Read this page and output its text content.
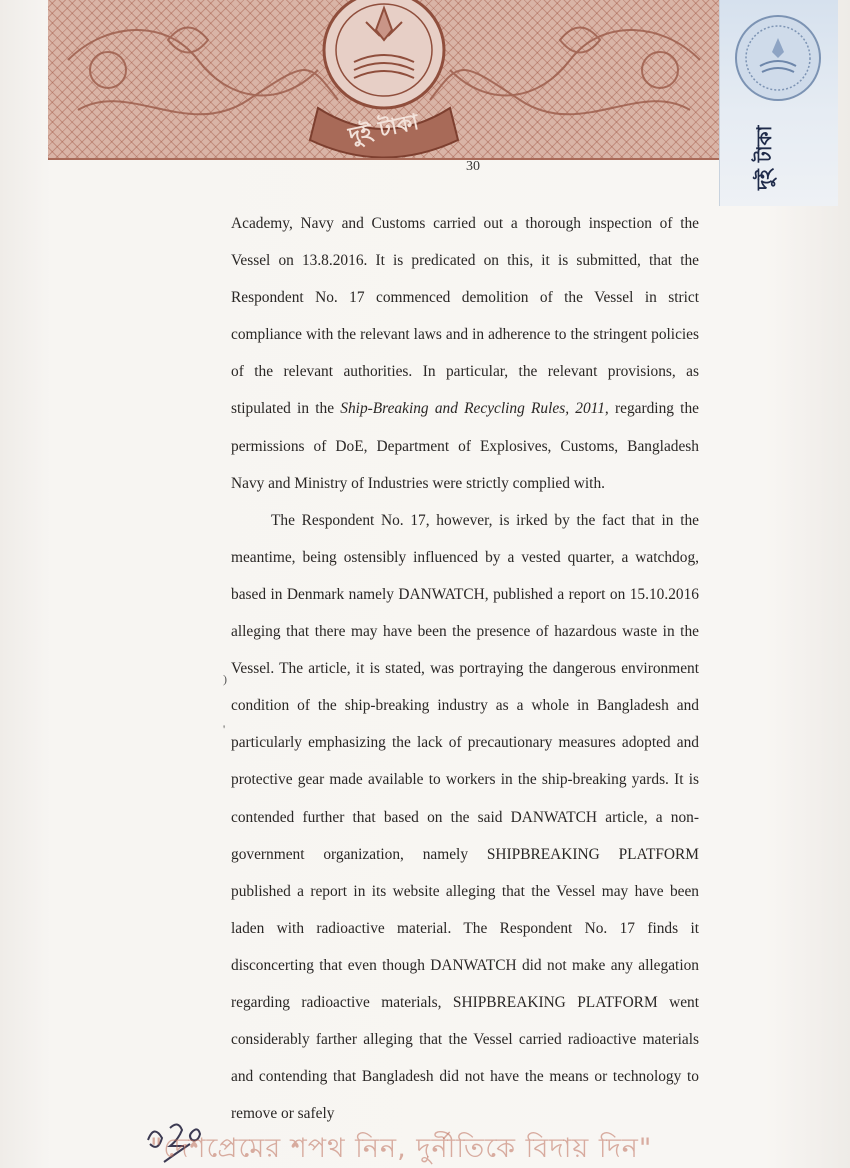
দুই টাকা	দুই টাকা
30

Academy, Navy and Customs carried out a thorough inspection of the Vessel on 13.8.2016. It is predicated on this, it is submitted, that the Respondent No. 17 commenced demolition of the Vessel in strict compliance with the relevant laws and in adherence to the stringent policies of the relevant authorities. In particular, the relevant provisions, as stipulated in the Ship-Breaking and Recycling Rules, 2011, regarding the permissions of DoE, Department of Explosives, Customs, Bangladesh Navy and Ministry of Industries were strictly complied with.

The Respondent No. 17, however, is irked by the fact that in the meantime, being ostensibly influenced by a vested quarter, a watchdog, based in Denmark namely DANWATCH, published a report on 15.10.2016 alleging that there may have been the presence of hazardous waste in the Vessel. The article, it is stated, was portraying the dangerous environment condition of the ship-breaking industry as a whole in Bangladesh and particularly emphasizing the lack of precautionary measures adopted and protective gear made available to workers in the ship-breaking yards. It is contended further that based on the said DANWATCH article, a non-government organization, namely SHIPBREAKING PLATFORM published a report in its website alleging that the Vessel may have been laden with radioactive material. The Respondent No. 17 finds it disconcerting that even though DANWATCH did not make any allegation regarding radioactive materials, SHIPBREAKING PLATFORM went considerably farther alleging that the Vessel carried radioactive materials and contending that Bangladesh did not have the means or technology to remove or safely

)
'
"দেশপ্রেমের শপথ নিন, দুর্নীতিকে বিদায় দিন"
